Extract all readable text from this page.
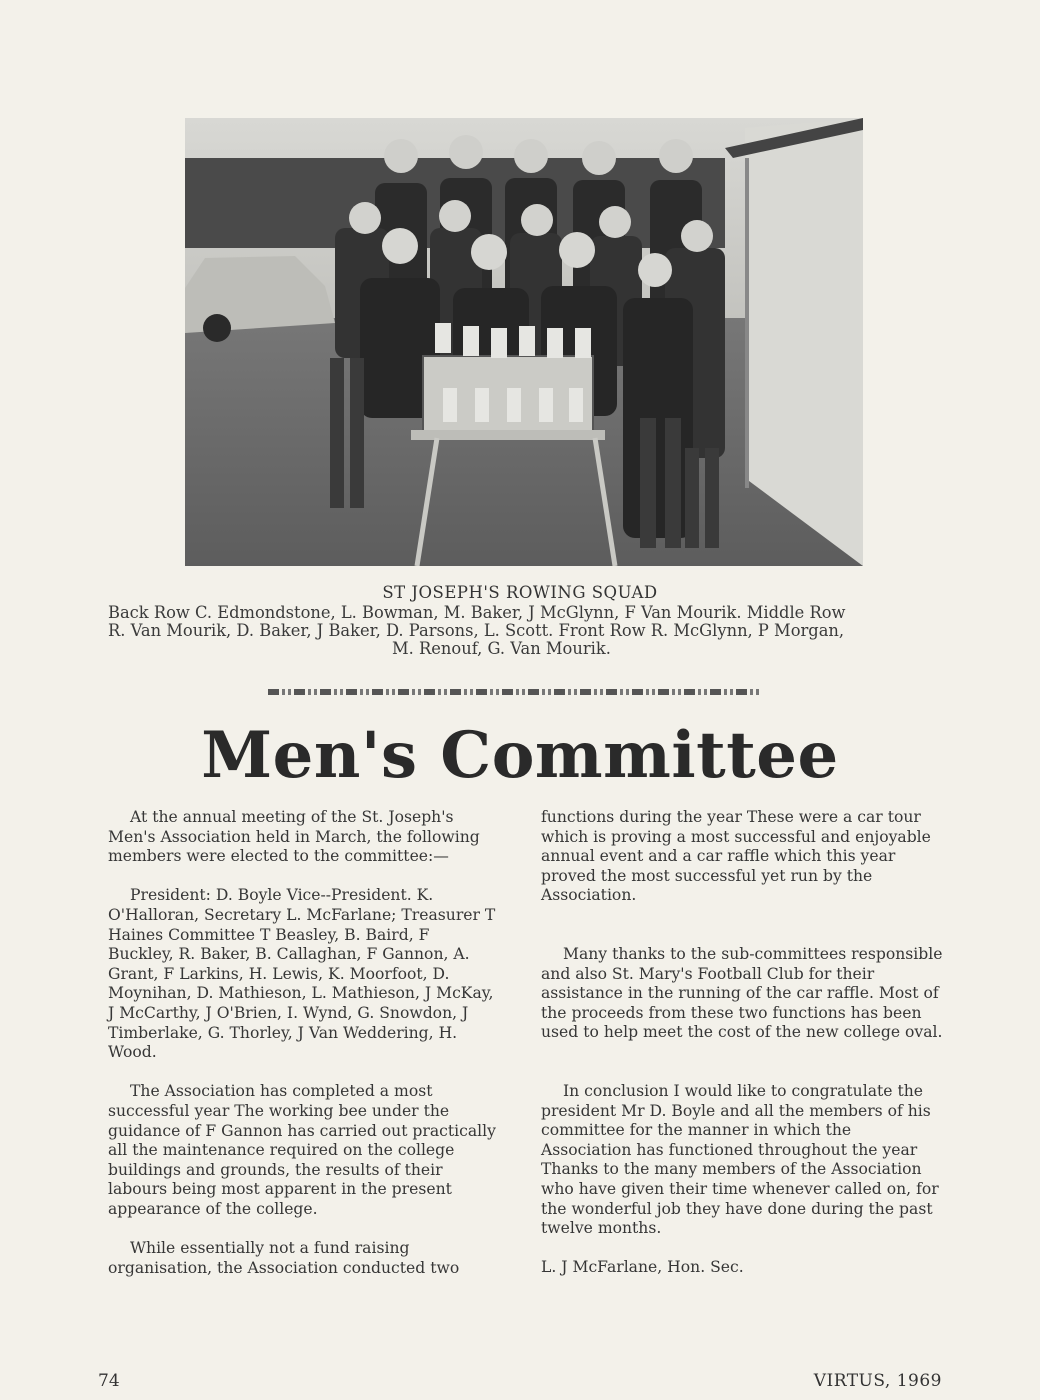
ST JOSEPH'S ROWING SQUAD
Back Row C. Edmondstone, L. Bowman, M. Baker, J McGlynn, F Van Mourik. Middle Row
R. Van Mourik, D. Baker, J Baker, D. Parsons, L. Scott. Front Row R. McGlynn, P Morgan,
M. Renouf, G. Van Mourik.
Men's Committee

At the annual meeting of the St. Joseph's Men's Association held in March, the following members were elected to the committee:—

President: D. Boyle Vice--President. K. O'Halloran, Secretary L. McFarlane; Treasurer T Haines Committee T Beasley, B. Baird, F Buckley, R. Baker, B. Callaghan, F Gannon, A. Grant, F Larkins, H. Lewis, K. Moorfoot, D. Moynihan, D. Mathieson, L. Mathieson, J McKay, J McCarthy, J O'Brien, I. Wynd, G. Snowdon, J Timberlake, G. Thorley, J Van Weddering, H. Wood.

The Association has completed a most successful year The working bee under the guidance of F Gannon has carried out practically all the maintenance required on the college buildings and grounds, the results of their labours being most apparent in the present appearance of the college.

While essentially not a fund raising organisation, the Association conducted two

functions during the year These were a car tour which is proving a most successful and enjoyable annual event and a car raffle which this year proved the most successful yet run by the Association.

Many thanks to the sub-committees responsible and also St. Mary's Football Club for their assistance in the running of the car raffle. Most of the proceeds from these two functions has been used to help meet the cost of the new college oval.

In conclusion I would like to congratulate the president Mr D. Boyle and all the members of his committee for the manner in which the Association has functioned throughout the year Thanks to the many members of the Association who have given their time whenever called on, for the wonderful job they have done during the past twelve months.

L. J McFarlane, Hon. Sec.

74	VIRTUS, 1969
